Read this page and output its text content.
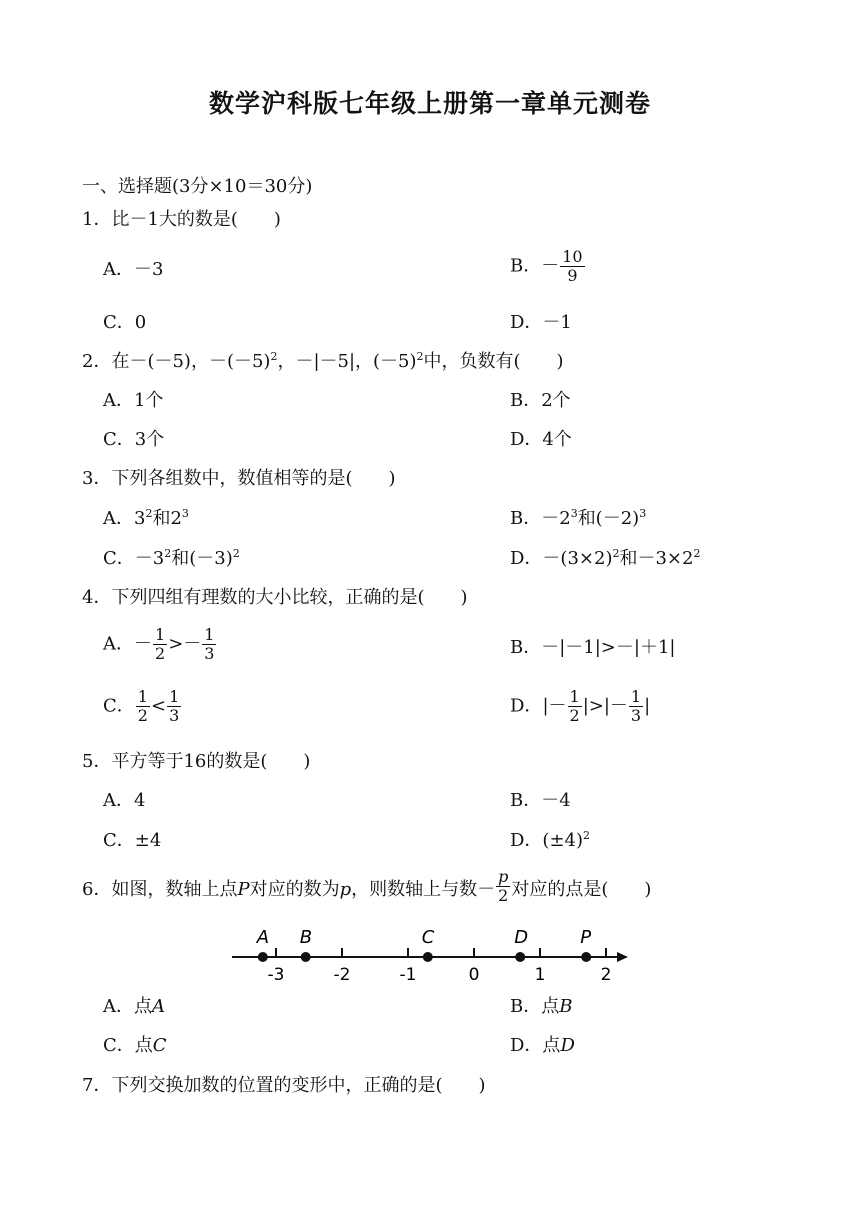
数学沪科版七年级上册第一章单元测卷
一、选择题(3分×10＝30分)
1．比－1大的数是(　　)
A．－3	B．－ $\frac{10}{9}$
C．0	D．－1
2．在－(－5)，$-(-5)^2$，－|－5|，$(-5)^2$中，负数有(　　)
A．1个	B．2个
C．3个	D．4个
3．下列各组数中，数值相等的是(　　)
A．$3^2$和$2^3$	B．$-2^3$和$(-2)^3$
C．$-3^2$和$(-3)^2$	D．$-(3\times 2)^2$和$-3\times 2^2$
4．下列四组有理数的大小比较，正确的是(　　)
A．－ $\frac{1}{2} >- \frac{1}{3}$	B．－|－1|>－|＋1|
C． $\frac{1}{2} < \frac{1}{3}$	D．|－ $\frac{1}{2}$ |>|－ $\frac{1}{3}$ |
5．平方等于16的数是(　　)
A．4	B．－4
C．±4	D．$(\pm 4)^2$
6．如图，数轴上点P对应的数为p，则数轴上与数－ $\frac{p}{2}$ 对应的点是(　　)
-3	-2	-1	0	1	2
A B	C	D	P
A．点A	B．点B
C．点C	D．点D
7．下列交换加数的位置的变形中，正确的是(　　)
